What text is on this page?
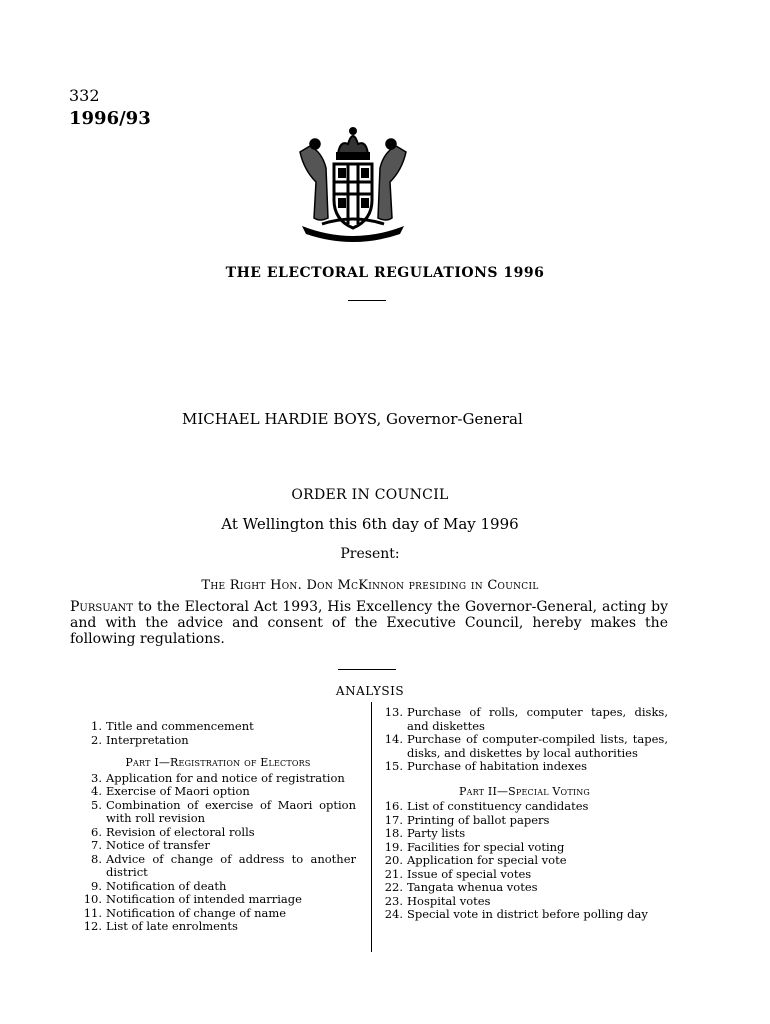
332
1996/93
THE ELECTORAL REGULATIONS 1996
MICHAEL HARDIE BOYS, Governor-General
ORDER IN COUNCIL
At Wellington this 6th day of May 1996
Present:
The Right Hon. Don McKinnon presiding in Council
Pursuant to the Electoral Act 1993, His Excellency the Governor-General, acting by and with the advice and consent of the Executive Council, hereby makes the following regulations.
ANALYSIS
1. Title and commencement
2. Interpretation
Part I—Registration of Electors
3. Application for and notice of registration
4. Exercise of Maori option
5. Combination of exercise of Maori option with roll revision
6. Revision of electoral rolls
7. Notice of transfer
8. Advice of change of address to another district
9. Notification of death
10. Notification of intended marriage
11. Notification of change of name
12. List of late enrolments
13. Purchase of rolls, computer tapes, disks, and diskettes
14. Purchase of computer-compiled lists, tapes, disks, and diskettes by local authorities
15. Purchase of habitation indexes
Part II—Special Voting
16. List of constituency candidates
17. Printing of ballot papers
18. Party lists
19. Facilities for special voting
20. Application for special vote
21. Issue of special votes
22. Tangata whenua votes
23. Hospital votes
24. Special vote in district before polling day
